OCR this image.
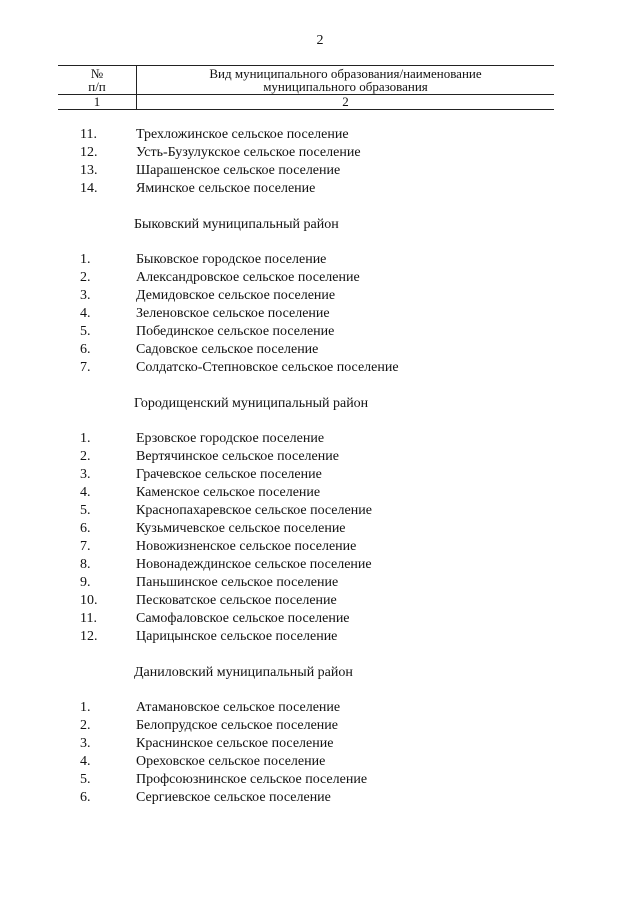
2
№
п/п	Вид муниципального образования/наименование
муниципального образования

1	2
11.	Трехложинское сельское поселение
12.	Усть-Бузулукское сельское поселение
13.	Шарашенское сельское поселение
14.	Яминское сельское поселение
Быковский муниципальный район
1.	Быковское городское поселение
2.	Александровское сельское поселение
3.	Демидовское сельское поселение
4.	Зеленовское сельское поселение
5.	Побединское сельское поселение
6.	Садовское сельское поселение
7.	Солдатско-Степновское сельское поселение
Городищенский муниципальный район
1.	Ерзовское городское поселение
2.	Вертячинское сельское поселение
3.	Грачевское сельское поселение
4.	Каменское сельское поселение
5.	Краснопахаревское сельское поселение
6.	Кузьмичевское сельское поселение
7.	Новожизненское сельское поселение
8.	Новонадеждинское сельское поселение
9.	Паньшинское сельское поселение
10.	Песковатское сельское поселение
11.	Самофаловское сельское поселение
12.	Царицынское сельское поселение
Даниловский муниципальный район
1.	Атамановское сельское поселение
2.	Белопрудское сельское поселение
3.	Краснинское сельское поселение
4.	Ореховское сельское поселение
5.	Профсоюзнинское сельское поселение
6.	Сергиевское сельское поселение
